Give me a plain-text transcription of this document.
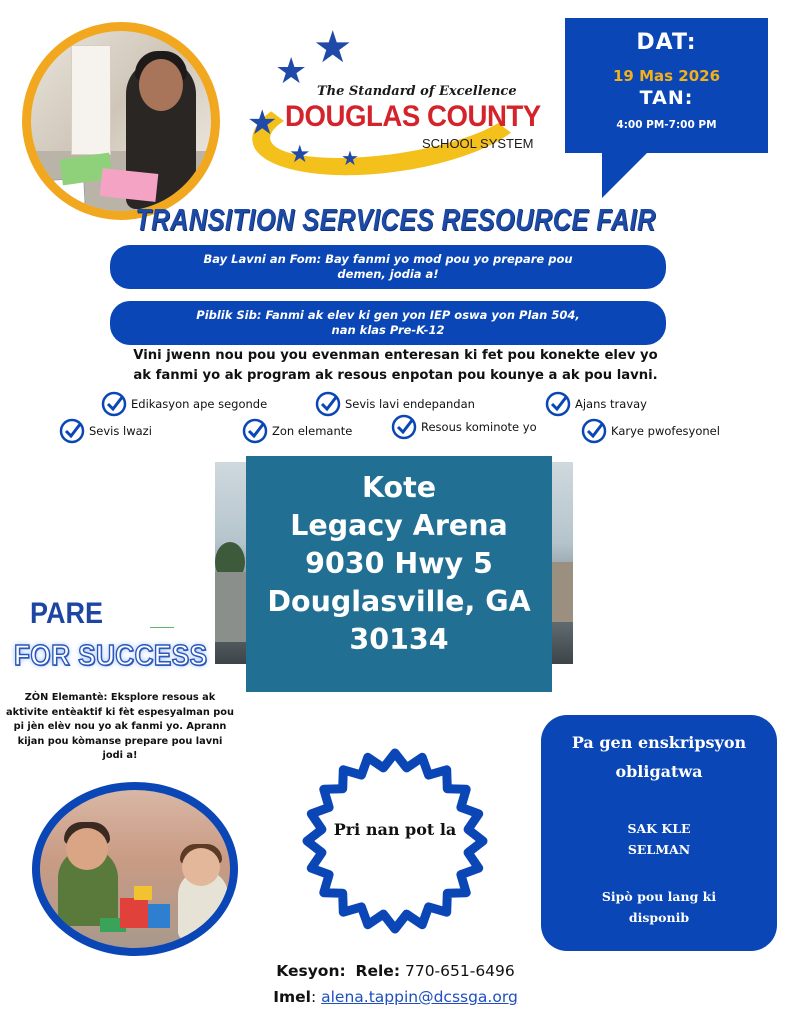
★
★
★
★ ★
The Standard of Excellence
DOUGLAS COUNTY
SCHOOL SYSTEM
DAT:
19 Mas 2026
TAN:
4:00 PM-7:00 PM
TRANSITION SERVICES RESOURCE FAIR
Bay Lavni an Fom: Bay fanmi yo mod pou yo prepare pou demen, jodia a!
Piblik Sib: Fanmi ak elev ki gen yon IEP oswa yon Plan 504, nan klas Pre-K-12
Vini jwenn nou pou you evenman enteresan ki fet pou konekte elev yo
ak fanmi yo ak program ak resous enpotan pou kounye a ak pou lavni.
Edikasyon ape segonde	Sevis lavi endepandan	Ajans travay
Sevis lwazi	Zon elemante	Resous kominote yo	Karye pwofesyonel
Kote
Legacy Arena
9030 Hwy 5
Douglasville, GA
30134
PARE
FOR SUCCESS
ZÒN Elemantè: Eksplore resous ak aktivite entèaktif ki fèt espesyalman pou pi jèn elèv nou yo ak fanmi yo. Aprann kijan pou kòmanse prepare pou lavni jodi a!
Pri nan pot la
Pa gen enskripsyon
obligatwa
SAK KLE
SELMAN
Sipò pou lang ki
disponib
Kesyon: Rele: 770-651-6496
Imel: alena.tappin@dcssga.org
